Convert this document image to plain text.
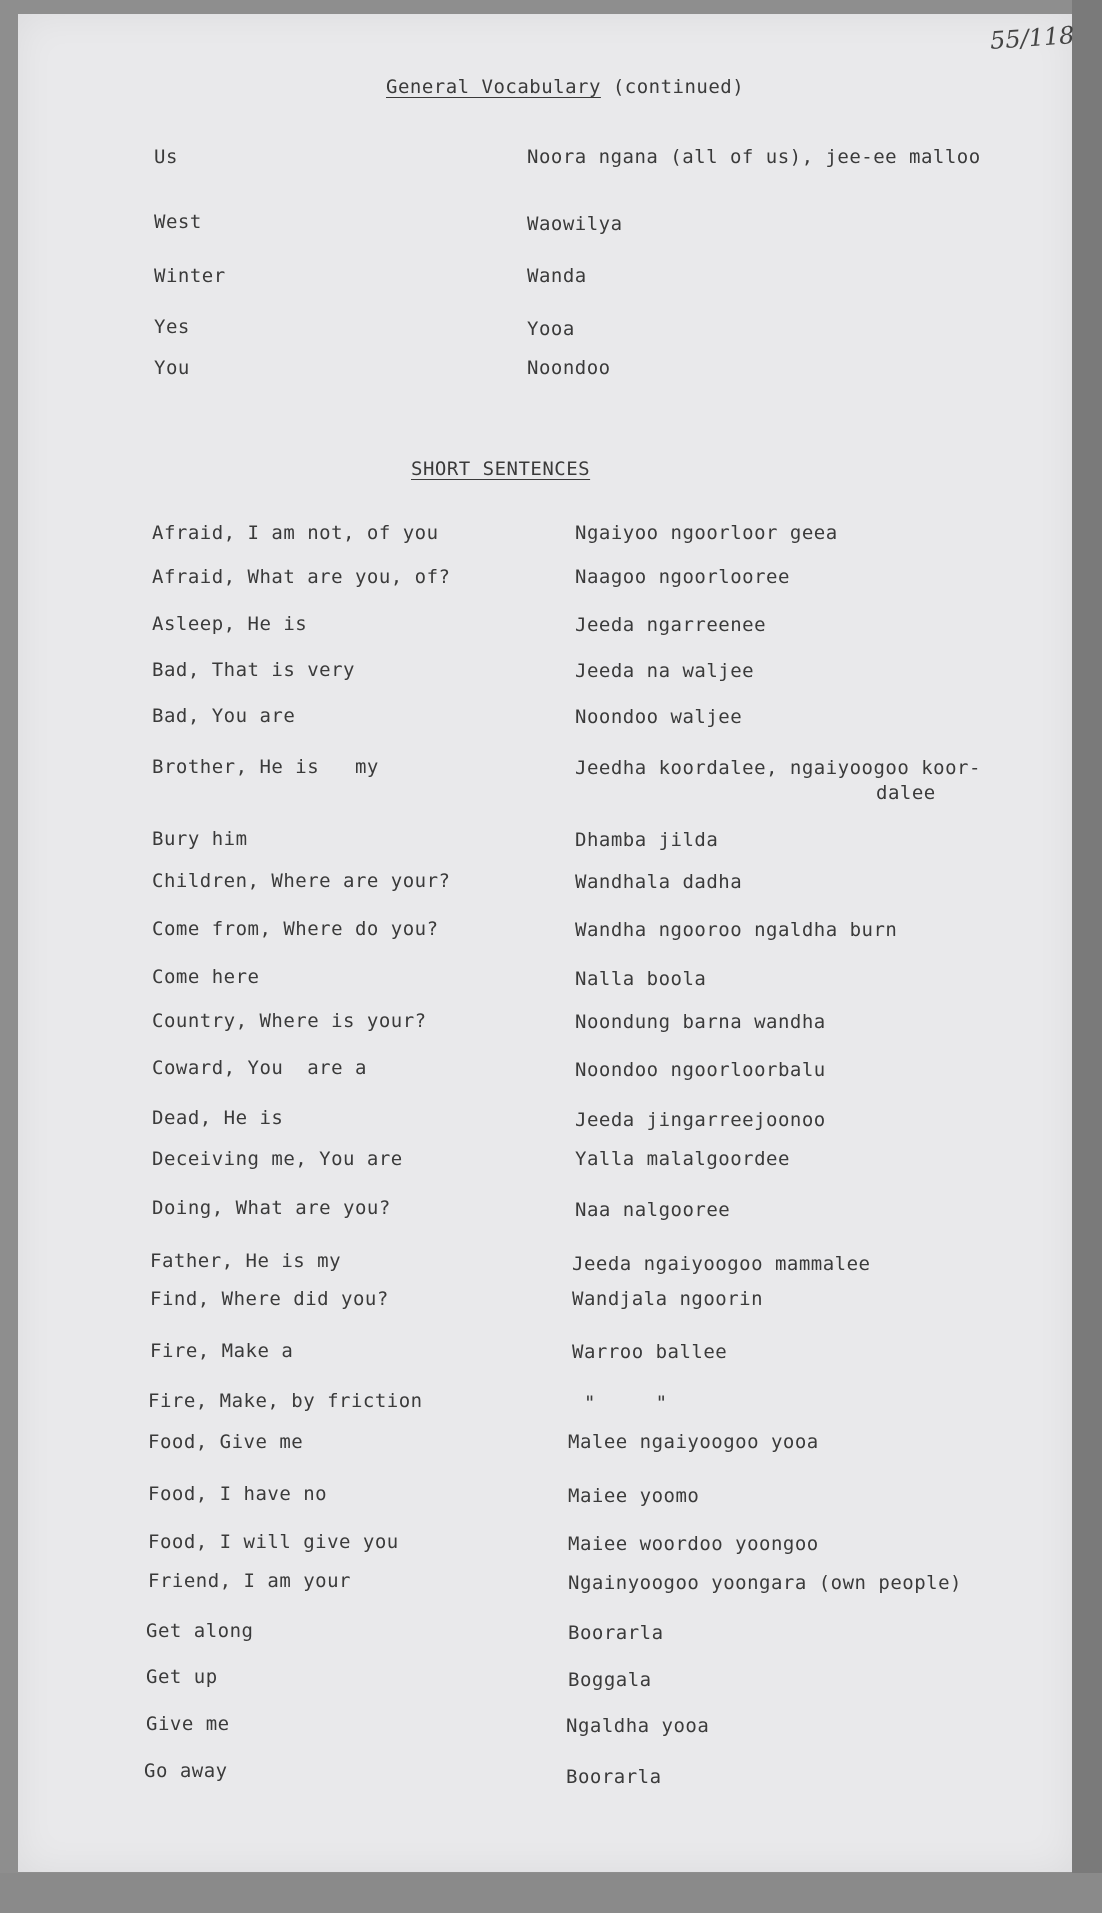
55/118
General Vocabulary (continued)
Us	Noora ngana (all of us), jee-ee malloo
West	Waowilya
Winter	Wanda
Yes	Yooa
You	Noondoo
SHORT SENTENCES
Afraid, I am not, of you	Ngaiyoo ngoorloor geea
Afraid, What are you, of?	Naagoo ngoorlooree
Asleep, He is	Jeeda ngarreenee
Bad, That is very	Jeeda na waljee
Bad, You are	Noondoo waljee
Brother, He is   my	Jeedha koordalee, ngaiyoogoo koor-
dalee
Bury him	Dhamba jilda
Children, Where are your?	Wandhala dadha
Come from, Where do you?	Wandha ngooroo ngaldha burn
Come here	Nalla boola
Country, Where is your?	Noondung barna wandha
Coward, You  are a	Noondoo ngoorloorbalu
Dead, He is	Jeeda jingarreejoonoo
Deceiving me, You are	Yalla malalgoordee
Doing, What are you?	Naa nalgooree
Father, He is my	Jeeda ngaiyoogoo mammalee
Find, Where did you?	Wandjala ngoorin
Fire, Make a	Warroo ballee
Fire, Make, by friction	"     "
Food, Give me	Malee ngaiyoogoo yooa
Food, I have no	Maiee yoomo
Food, I will give you	Maiee woordoo yoongoo
Friend, I am your	Ngainyoogoo yoongara (own people)
Get along	Boorarla
Get up	Boggala
Give me	Ngaldha yooa
Go away	Boorarla
